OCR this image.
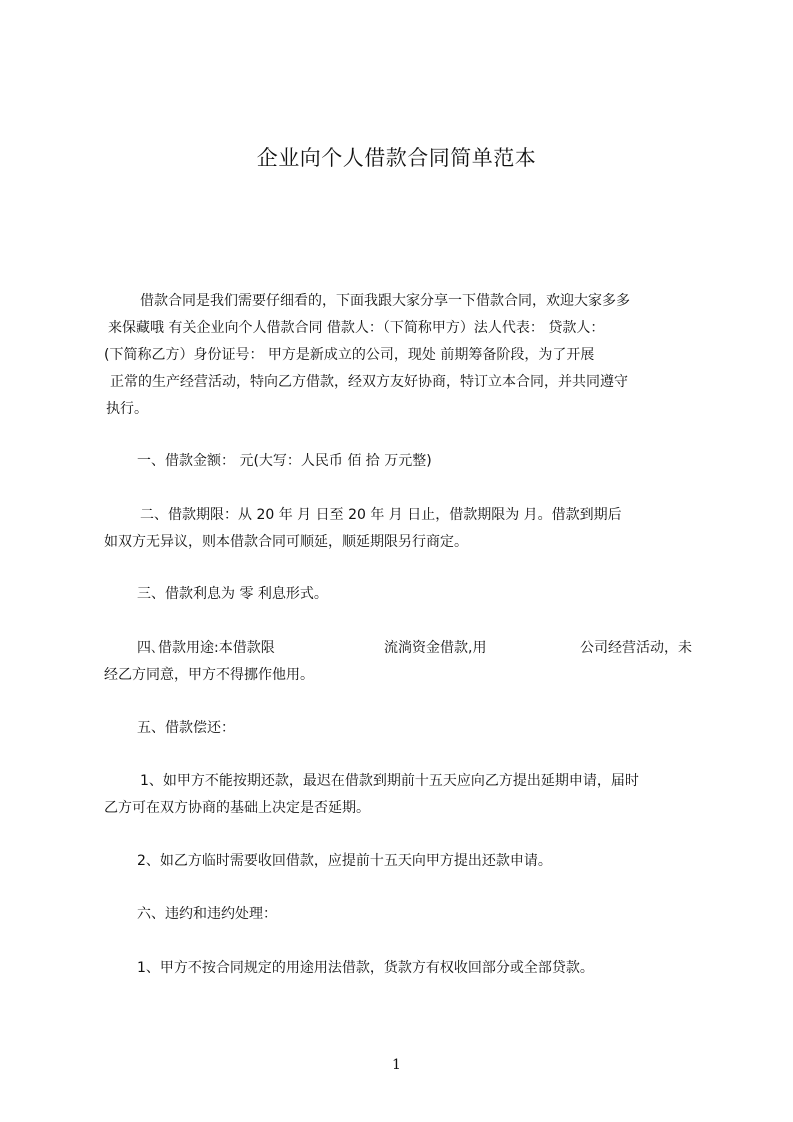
企业向个人借款合同简单范本

借款合同是我们需要仔细看的，下面我跟大家分享一下借款合同，欢迎大家多多

来保藏哦 有关企业向个人借款合同 借款人：（下简称甲方）法人代表： 贷款人：

(下简称乙方）身份证号： 甲方是新成立的公司，现处 前期筹备阶段，为了开展

正常的生产经营活动，特向乙方借款，经双方友好协商，特订立本合同，并共同遵守

执行。

一、借款金额： 元(大写：人民币 佰 拾 万元整)

二、借款期限：从 20 年 月 日至 20 年 月 日止，借款期限为 月。借款到期后

如双方无异议，则本借款合同可顺延，顺延期限另行商定。

三、借款利息为 零 利息形式。

四､借款用途:本借款限	流淌资金借款,用	公司经营活动，未

经乙方同意，甲方不得挪作他用。

五、借款偿还：

1、如甲方不能按期还款，最迟在借款到期前十五天应向乙方提出延期申请，届时

乙方可在双方协商的基础上决定是否延期。

2、如乙方临时需要收回借款，应提前十五天向甲方提出还款申请。

六、违约和违约处理：

1、甲方不按合同规定的用途用法借款，货款方有权收回部分或全部贷款。

1
